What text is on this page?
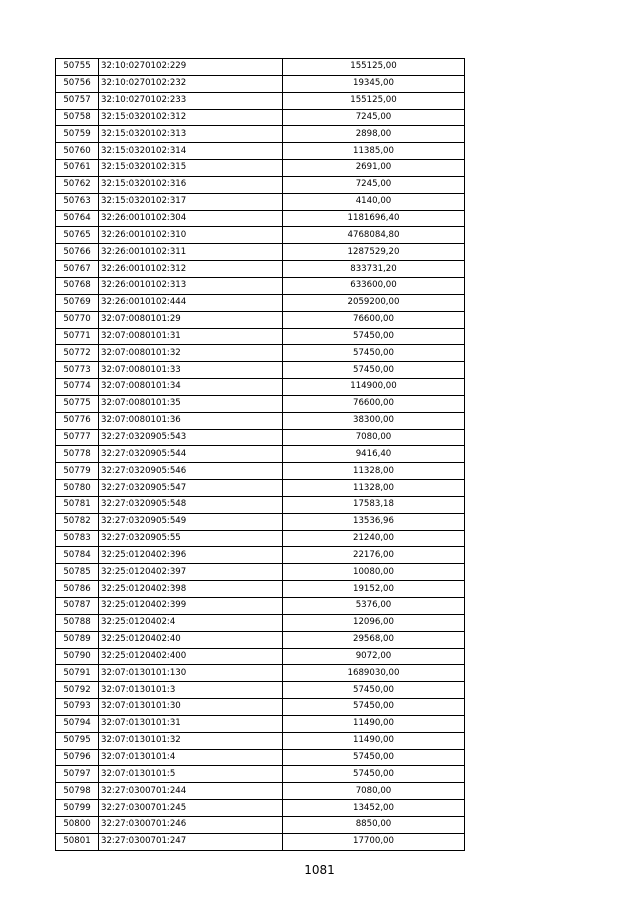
50755	32:10:0270102:229	155125,00
50756	32:10:0270102:232	19345,00
50757	32:10:0270102:233	155125,00
50758	32:15:0320102:312	7245,00
50759	32:15:0320102:313	2898,00
50760	32:15:0320102:314	11385,00
50761	32:15:0320102:315	2691,00
50762	32:15:0320102:316	7245,00
50763	32:15:0320102:317	4140,00
50764	32:26:0010102:304	1181696,40
50765	32:26:0010102:310	4768084,80
50766	32:26:0010102:311	1287529,20
50767	32:26:0010102:312	833731,20
50768	32:26:0010102:313	633600,00
50769	32:26:0010102:444	2059200,00
50770	32:07:0080101:29	76600,00
50771	32:07:0080101:31	57450,00
50772	32:07:0080101:32	57450,00
50773	32:07:0080101:33	57450,00
50774	32:07:0080101:34	114900,00
50775	32:07:0080101:35	76600,00
50776	32:07:0080101:36	38300,00
50777	32:27:0320905:543	7080,00
50778	32:27:0320905:544	9416,40
50779	32:27:0320905:546	11328,00
50780	32:27:0320905:547	11328,00
50781	32:27:0320905:548	17583,18
50782	32:27:0320905:549	13536,96
50783	32:27:0320905:55	21240,00
50784	32:25:0120402:396	22176,00
50785	32:25:0120402:397	10080,00
50786	32:25:0120402:398	19152,00
50787	32:25:0120402:399	5376,00
50788	32:25:0120402:4	12096,00
50789	32:25:0120402:40	29568,00
50790	32:25:0120402:400	9072,00
50791	32:07:0130101:130	1689030,00
50792	32:07:0130101:3	57450,00
50793	32:07:0130101:30	57450,00
50794	32:07:0130101:31	11490,00
50795	32:07:0130101:32	11490,00
50796	32:07:0130101:4	57450,00
50797	32:07:0130101:5	57450,00
50798	32:27:0300701:244	7080,00
50799	32:27:0300701:245	13452,00
50800	32:27:0300701:246	8850,00
50801	32:27:0300701:247	17700,00
1081
